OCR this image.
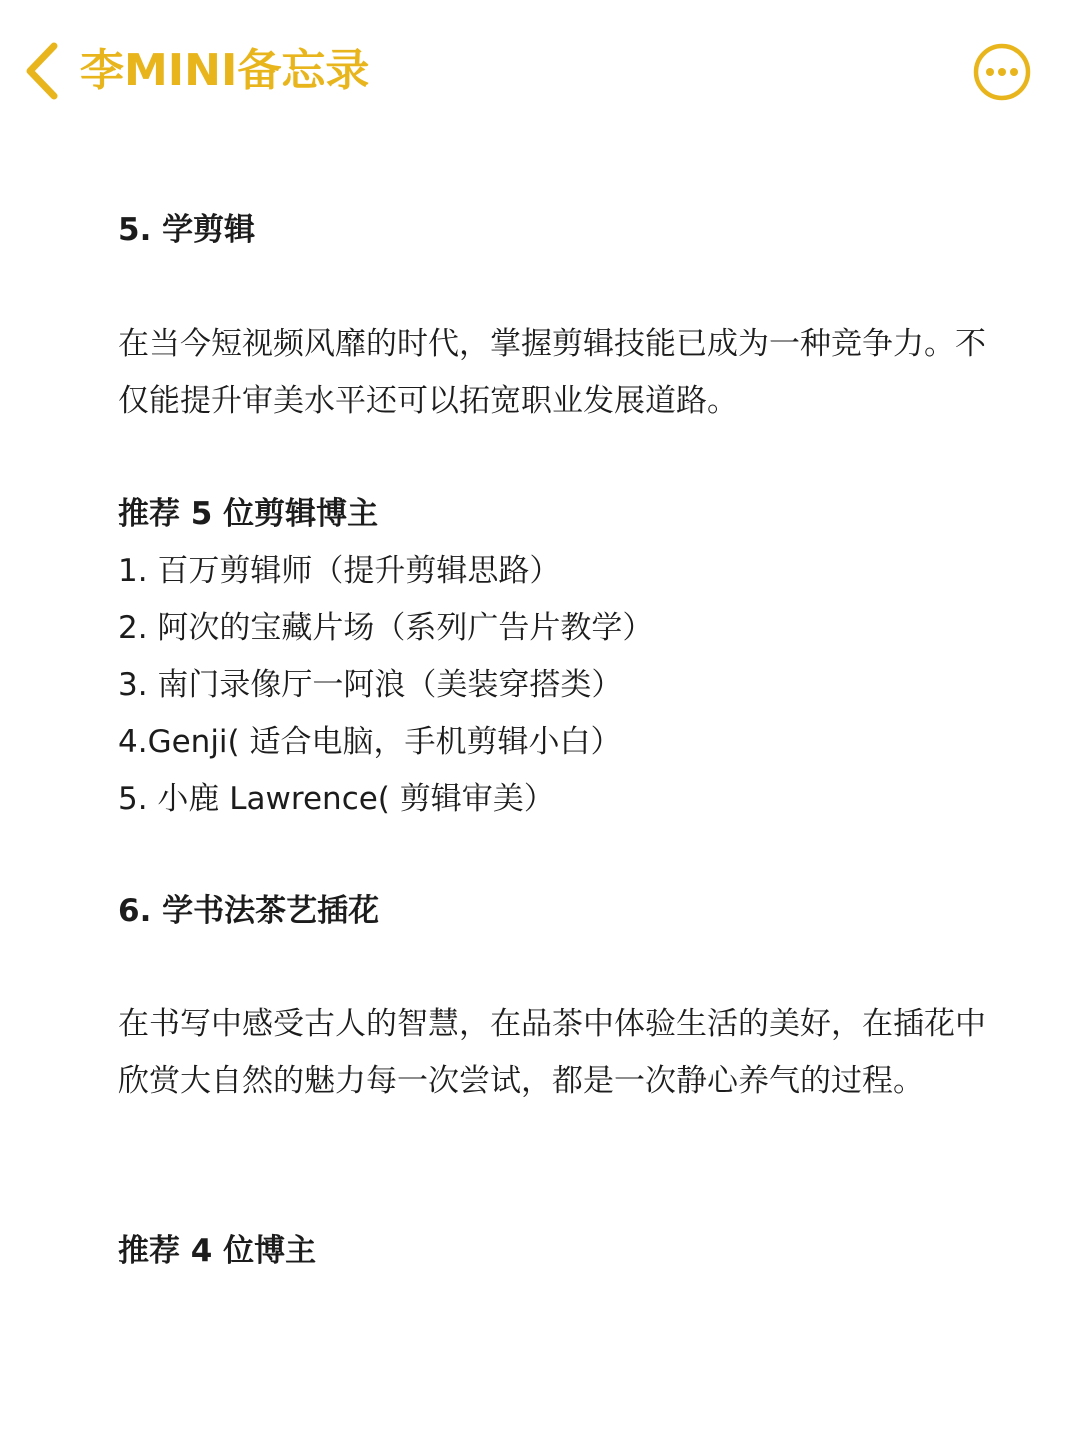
李MINI备忘录
5. 学剪辑
在当今短视频风靡的时代，掌握剪辑技能已成为一种竞争力。不仅能提升审美水平还可以拓宽职业发展道路。
推荐 5 位剪辑博主
1. 百万剪辑师（提升剪辑思路）
2. 阿次的宝藏片场（系列广告片教学）
3. 南门录像厅一阿浪（美装穿搭类）
4.Genji( 适合电脑，手机剪辑小白）
5. 小鹿 Lawrence( 剪辑审美）
6. 学书法茶艺插花
在书写中感受古人的智慧，在品茶中体验生活的美好，在插花中欣赏大自然的魅力每一次尝试，都是一次静心养气的过程。
推荐 4 位博主
